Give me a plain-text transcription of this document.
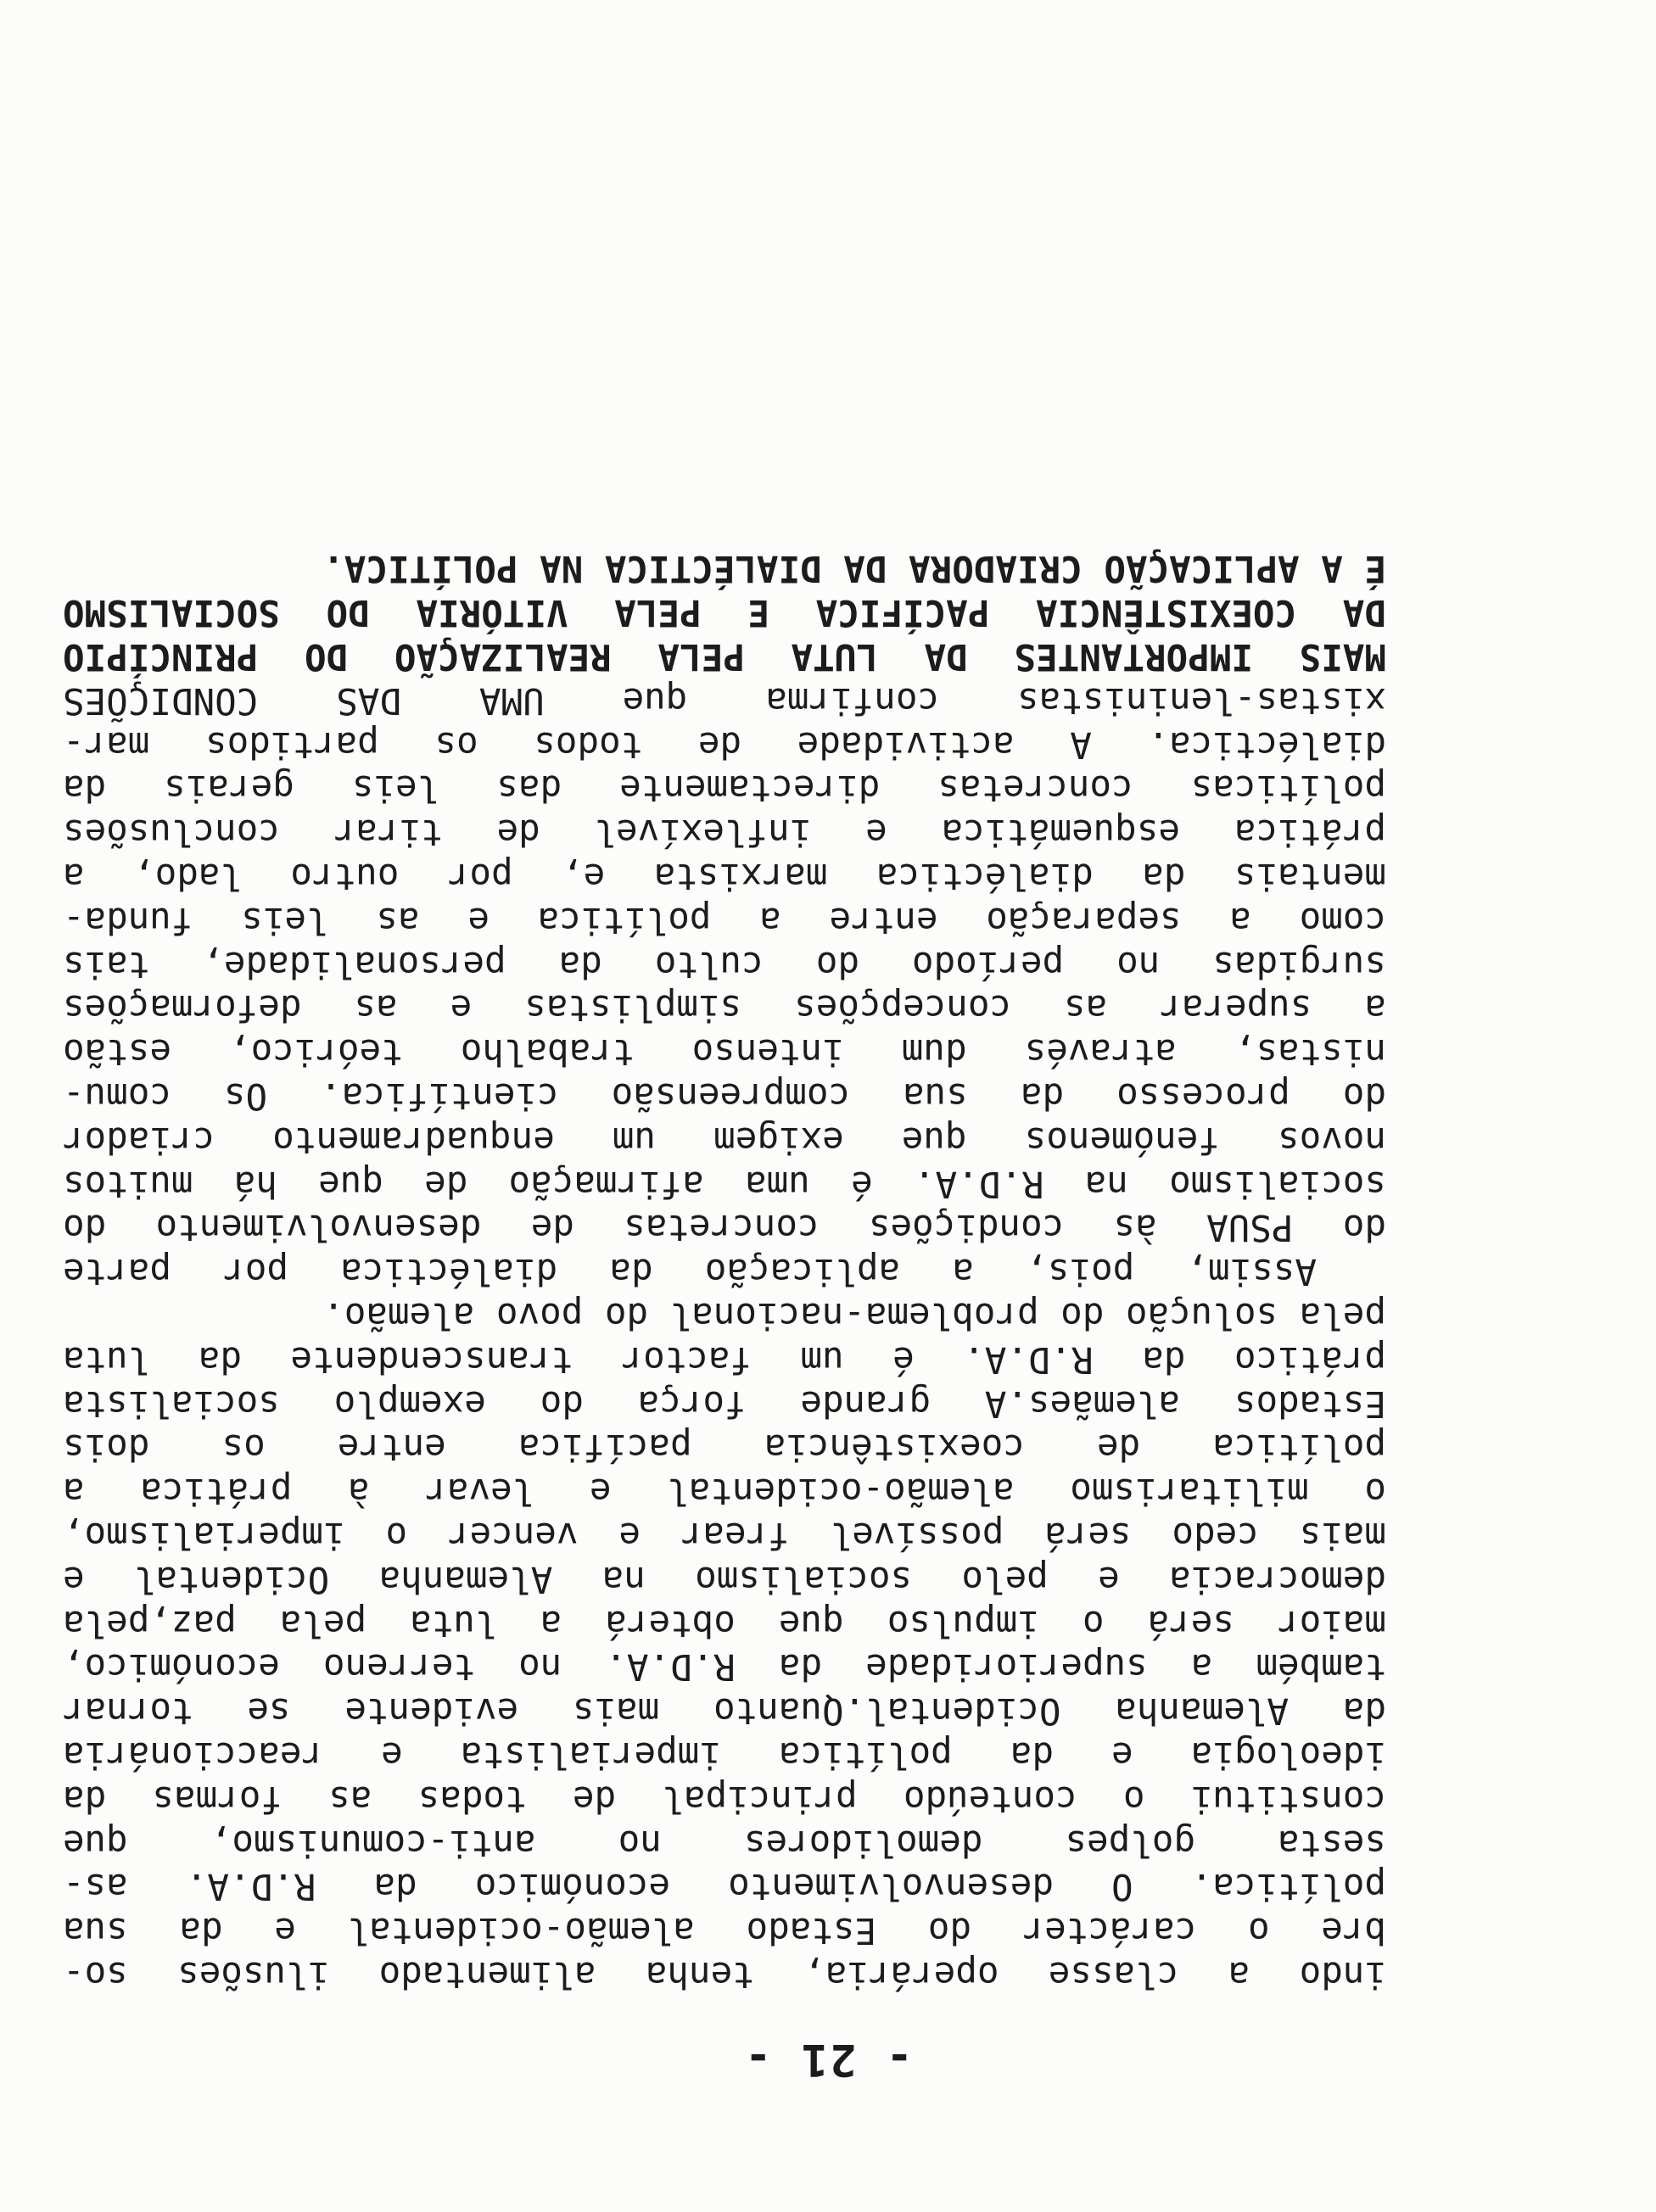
- 21 -
indo a classe operária, tenha alimentado ilusões so-
bre o carácter do Estado alemão-ocidental e da sua
política. O desenvolvimento económico da R.D.A. as-
sesta golpes demolidores no anti-comunismo, que
constitui o conteúdo principal de todas as formas da
ideologia e da política imperialista e reaccionária
da Alemanha Ocidental.Quanto mais evidente se tornar
também a superioridade da R.D.A. no terreno económico,
maior será o impulso que obterá a luta pela paz,pela
democracia e pelo socialismo na Alemanha Ocidental e
mais cedo será possível frear e vencer o imperialismo,
o militarismo alemão-ocidental e levar à prática a
política de coexistência pacífica entre os dois
Estados alemães.A grande força do exemplo socialista
prático da R.D.A. é um factor transcendente da luta
pela solução do problema-nacional do povo alemão.
Assim, pois, a aplicação da dialéctica por parte
do PSUA às condições concretas de desenvolvimento do
socialismo na R.D.A. é uma afirmação de que há muitos
novos fenómenos que exigem um enquadramento criador
do processo da sua compreensão científica. Os comu-
nistas, através dum intenso trabalho teórico, estão
a superar as concepções simplistas e as deformações
surgidas no período do culto da personalidade, tais
como a separação entre a política e as leis funda-
mentais da dialéctica marxista e, por outro lado, a
prática esquemática e inflexível de tirar conclusões
políticas concretas directamente das leis gerais da
dialéctica. A actividade de todos os partidos mar-
xistas-leninistas confirma que UMA DAS CONDIÇÕES
MAIS IMPORTANTES DA LUTA PELA REALIZAÇÃO DO PRINCÍPIO
DA COEXISTÊNCIA PACÍFICA E PELA VITÓRIA DO SOCIALISMO
É A APLICAÇÃO CRIADORA DA DIALÉCTICA NA POLÍTICA.
